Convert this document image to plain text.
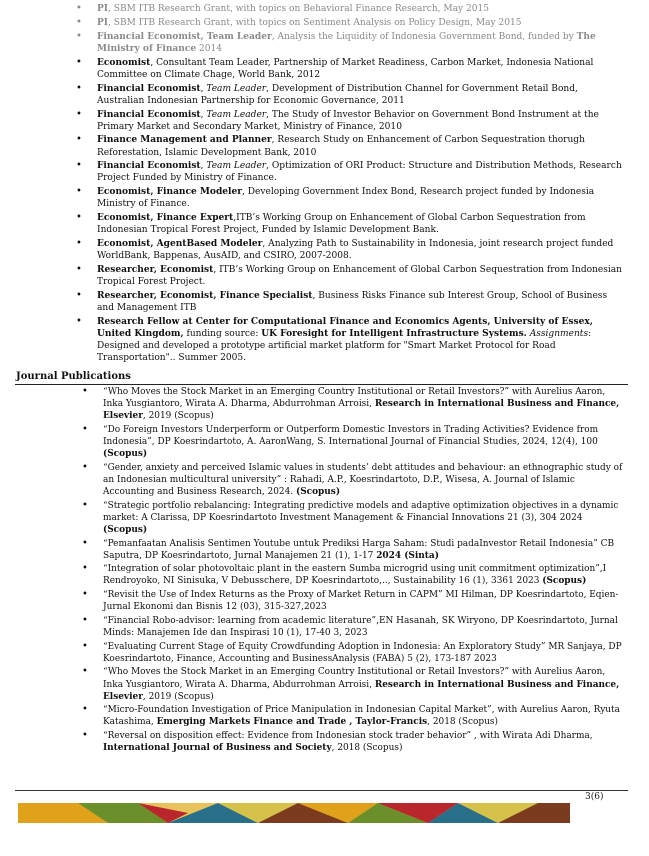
• PI, SBM ITB Research Grant, with topics on Behavioral Finance Research, May 2015
• PI, SBM ITB Research Grant, with topics on Sentiment Analysis on Policy Design, May 2015
• Financial Economist, Team Leader, Analysis the Liquidity of Indonesia Government Bond, funded by The Ministry of Finance 2014
• Economist, Consultant Team Leader, Partnership of Market Readiness, Carbon Market, Indonesia National Committee on Climate Chage, World Bank, 2012
• Financial Economist, Team Leader, Development of Distribution Channel for Government Retail Bond, Australian Indonesian Partnership for Economic Governance, 2011
• Financial Economist, Team Leader, The Study of Investor Behavior on Government Bond Instrument at the Primary Market and Secondary Market, Ministry of Finance, 2010
• Finance Management and Planner, Research Study on Enhancement of Carbon Sequestration thorugh Reforestation, Islamic Development Bank, 2010
• Financial Economist, Team Leader, Optimization of ORI Product: Structure and Distribution Methods, Research Project Funded by Ministry of Finance.
• Economist, Finance Modeler, Developing Government Index Bond, Research project funded by Indonesia Ministry of Finance.
• Economist, Finance Expert,ITB’s Working Group on Enhancement of Global Carbon Sequestration from Indonesian Tropical Forest Project, Funded by Islamic Development Bank.
• Economist, AgentBased Modeler, Analyzing Path to Sustainability in Indonesia, joint research project funded WorldBank, Bappenas, AusAID, and CSIRO, 2007-2008.
• Researcher, Economist, ITB’s Working Group on Enhancement of Global Carbon Sequestration from Indonesian Tropical Forest Project.
• Researcher, Economist, Finance Specialist, Business Risks Finance sub Interest Group, School of Business and Management ITB
• Research Fellow at Center for Computational Finance and Economics Agents, University of Essex, United Kingdom, funding source: UK Foresight for Intelligent Infrastructure Systems. Assignments: Designed and developed a prototype artificial market platform for "Smart Market Protocol for Road Transportation".. Summer 2005.
Journal Publications
• “Who Moves the Stock Market in an Emerging Country Institutional or Retail Investors?” with Aurelius Aaron, Inka Yusgiantoro, Wirata A. Dharma, Abdurrohman Arroisi, Research in International Business and Finance, Elsevier, 2019 (Scopus)
• “Do Foreign Investors Underperform or Outperform Domestic Investors in Trading Activities? Evidence from Indonesia”, DP Koesrindartoto, A. AaronWang, S. International Journal of Financial Studies, 2024, 12(4), 100 (Scopus)
• “Gender, anxiety and perceived Islamic values in students’ debt attitudes and behaviour: an ethnographic study of an Indonesian multicultural university” : Rahadi, A.P., Koesrindartoto, D.P., Wisesa, A. Journal of Islamic Accounting and Business Research, 2024. (Scopus)
• “Strategic portfolio rebalancing: Integrating predictive models and adaptive optimization objectives in a dynamic market: A Clarissa, DP Koesrindartoto Investment Management & Financial Innovations 21 (3), 304 2024 (Scopus)
• “Pemanfaatan Analisis Sentimen Youtube untuk Prediksi Harga Saham: Studi padaInvestor Retail Indonesia” CB Saputra, DP Koesrindartoto, Jurnal Manajemen 21 (1), 1-17 2024 (Sinta)
• “Integration of solar photovoltaic plant in the eastern Sumba microgrid using unit commitment optimization”,I Rendroyoko, NI Sinisuka, V Debusschere, DP Koesrindartoto,.., Sustainability 16 (1), 3361 2023 (Scopus)
• “Revisit the Use of Index Returns as the Proxy of Market Return in CAPM” MI Hilman, DP Koesrindartoto, Eqien-Jurnal Ekonomi dan Bisnis 12 (03), 315-327,2023
• “Financial Robo-advisor: learning from academic literature”,EN Hasanah, SK Wiryono, DP Koesrindartoto, Jurnal Minds: Manajemen Ide dan Inspirasi 10 (1), 17-40 3, 2023
• “Evaluating Current Stage of Equity Crowdfunding Adoption in Indonesia: An Exploratory Study” MR Sanjaya, DP Koesrindartoto, Finance, Accounting and BusinessAnalysis (FABA) 5 (2), 173-187 2023
• “Who Moves the Stock Market in an Emerging Country Institutional or Retail Investors?” with Aurelius Aaron, Inka Yusgiantoro, Wirata A. Dharma, Abdurrohman Arroisi, Research in International Business and Finance, Elsevier, 2019 (Scopus)
• “Micro-Foundation Investigation of Price Manipulation in Indonesian Capital Market”, with Aurelius Aaron, Ryuta Katashima, Emerging Markets Finance and Trade , Taylor-Francis, 2018 (Scopus)
• “Reversal on disposition effect: Evidence from Indonesian stock trader behavior” , with Wirata Adi Dharma, International Journal of Business and Society, 2018 (Scopus)
3(6)
